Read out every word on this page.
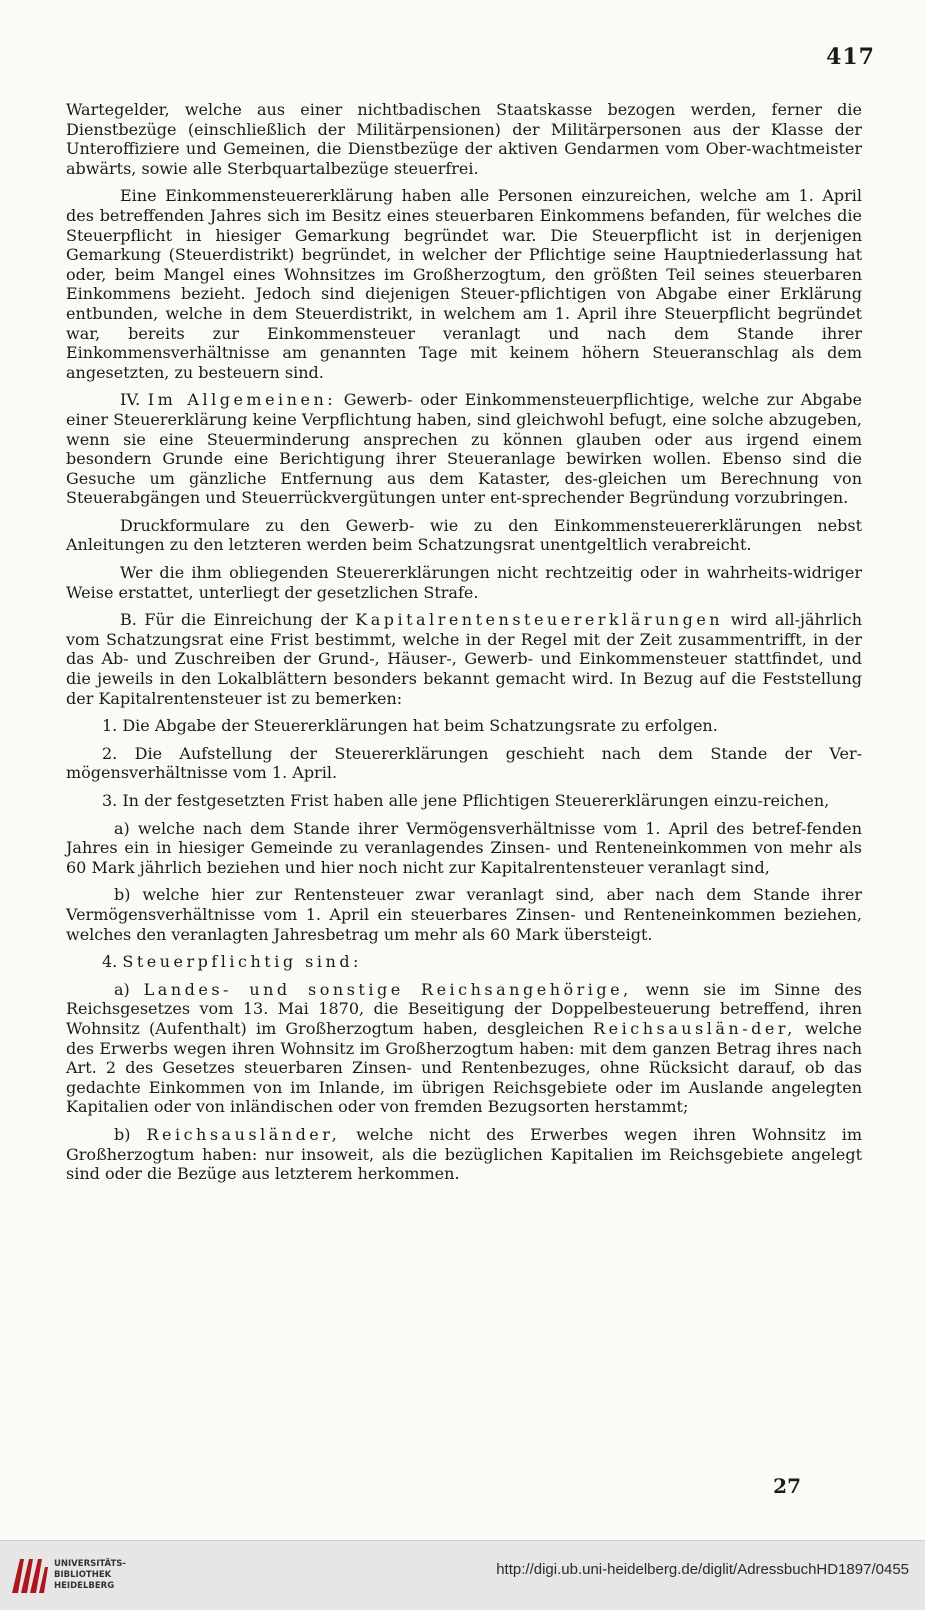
417

Wartegelder, welche aus einer nichtbadischen Staatskasse bezogen werden, ferner die Dienstbezüge (einschließlich der Militärpensionen) der Militärpersonen aus der Klasse der Unteroffiziere und Gemeinen, die Dienstbezüge der aktiven Gendarmen vom Ober-wachtmeister abwärts, sowie alle Sterbquartalbezüge steuerfrei.

Eine Einkommensteuererklärung haben alle Personen einzureichen, welche am 1. April des betreffenden Jahres sich im Besitz eines steuerbaren Einkommens befanden, für welches die Steuerpflicht in hiesiger Gemarkung begründet war. Die Steuerpflicht ist in derjenigen Gemarkung (Steuerdistrikt) begründet, in welcher der Pflichtige seine Hauptniederlassung hat oder, beim Mangel eines Wohnsitzes im Großherzogtum, den größten Teil seines steuerbaren Einkommens bezieht. Jedoch sind diejenigen Steuer-pflichtigen von Abgabe einer Erklärung entbunden, welche in dem Steuerdistrikt, in welchem am 1. April ihre Steuerpflicht begründet war, bereits zur Einkommensteuer veranlagt und nach dem Stande ihrer Einkommensverhältnisse am genannten Tage mit keinem höhern Steueranschlag als dem angesetzten, zu besteuern sind.

IV. Im Allgemeinen: Gewerb- oder Einkommensteuerpflichtige, welche zur Abgabe einer Steuererklärung keine Verpflichtung haben, sind gleichwohl befugt, eine solche abzugeben, wenn sie eine Steuerminderung ansprechen zu können glauben oder aus irgend einem besondern Grunde eine Berichtigung ihrer Steueranlage bewirken wollen. Ebenso sind die Gesuche um gänzliche Entfernung aus dem Kataster, des-gleichen um Berechnung von Steuerabgängen und Steuerrückvergütungen unter ent-sprechender Begründung vorzubringen.

Druckformulare zu den Gewerb- wie zu den Einkommensteuererklärungen nebst Anleitungen zu den letzteren werden beim Schatzungsrat unentgeltlich verabreicht.

Wer die ihm obliegenden Steuererklärungen nicht rechtzeitig oder in wahrheits-widriger Weise erstattet, unterliegt der gesetzlichen Strafe.

B. Für die Einreichung der Kapitalrentensteuererklärungen wird all-jährlich vom Schatzungsrat eine Frist bestimmt, welche in der Regel mit der Zeit zusammentrifft, in der das Ab- und Zuschreiben der Grund-, Häuser-, Gewerb- und Einkommensteuer stattfindet, und die jeweils in den Lokalblättern besonders bekannt gemacht wird. In Bezug auf die Feststellung der Kapitalrentensteuer ist zu bemerken:

1. Die Abgabe der Steuererklärungen hat beim Schatzungsrate zu erfolgen.

2. Die Aufstellung der Steuererklärungen geschieht nach dem Stande der Ver-mögensverhältnisse vom 1. April.

3. In der festgesetzten Frist haben alle jene Pflichtigen Steuererklärungen einzu-reichen,

a) welche nach dem Stande ihrer Vermögensverhältnisse vom 1. April des betref-fenden Jahres ein in hiesiger Gemeinde zu veranlagendes Zinsen- und Renteneinkommen von mehr als 60 Mark jährlich beziehen und hier noch nicht zur Kapitalrentensteuer veranlagt sind,

b) welche hier zur Rentensteuer zwar veranlagt sind, aber nach dem Stande ihrer Vermögensverhältnisse vom 1. April ein steuerbares Zinsen- und Renteneinkommen beziehen, welches den veranlagten Jahresbetrag um mehr als 60 Mark übersteigt.

4. Steuerpflichtig sind:

a) Landes- und sonstige Reichsangehörige, wenn sie im Sinne des Reichsgesetzes vom 13. Mai 1870, die Beseitigung der Doppelbesteuerung betreffend, ihren Wohnsitz (Aufenthalt) im Großherzogtum haben, desgleichen Reichsauslän-der, welche des Erwerbs wegen ihren Wohnsitz im Großherzogtum haben: mit dem ganzen Betrag ihres nach Art. 2 des Gesetzes steuerbaren Zinsen- und Rentenbezuges, ohne Rücksicht darauf, ob das gedachte Einkommen von im Inlande, im übrigen Reichsgebiete oder im Auslande angelegten Kapitalien oder von inländischen oder von fremden Bezugsorten herstammt;

b) Reichsausländer, welche nicht des Erwerbes wegen ihren Wohnsitz im Großherzogtum haben: nur insoweit, als die bezüglichen Kapitalien im Reichsgebiete angelegt sind oder die Bezüge aus letzterem herkommen.

27
UNIVERSITÄTS-
BIBLIOTHEK
HEIDELBERG
http://digi.ub.uni-heidelberg.de/diglit/AdressbuchHD1897/0455
